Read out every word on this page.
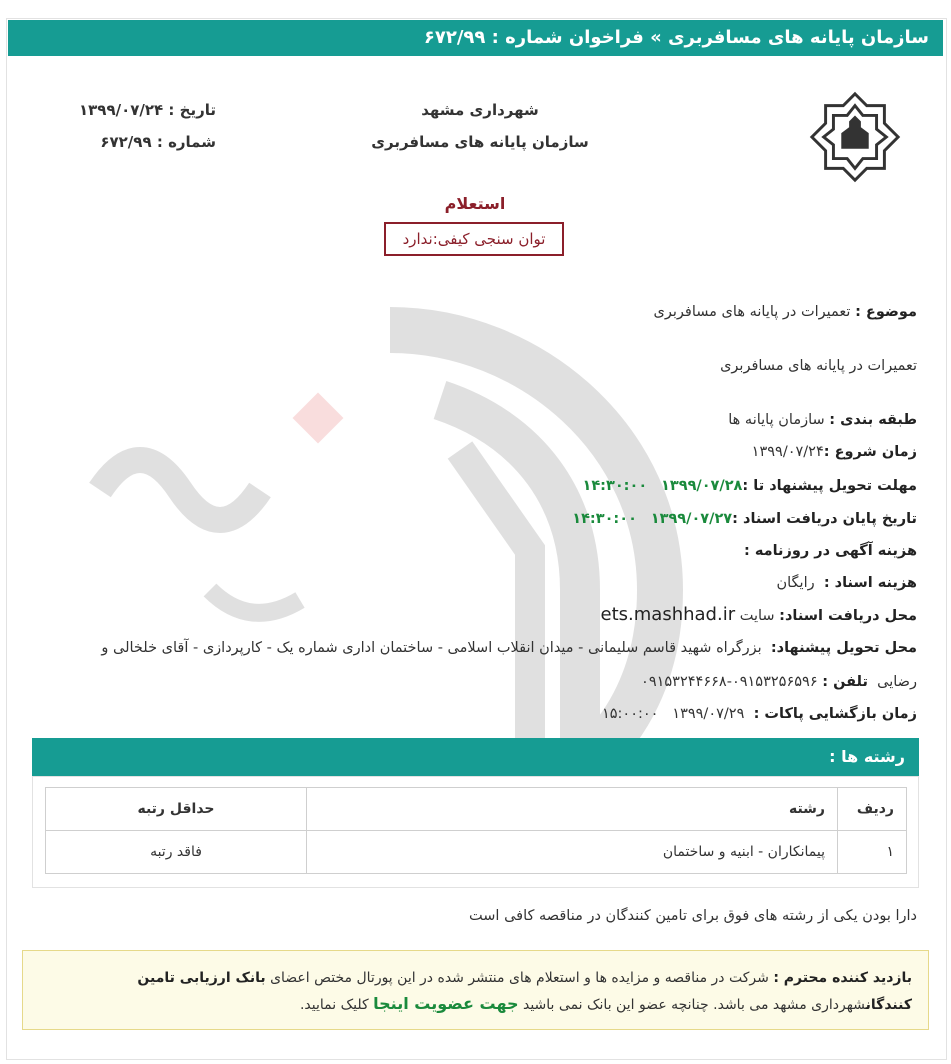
سازمان پایانه های مسافربری » فراخوان شماره : ۶۷۲/۹۹
شهرداری مشهد
سازمان پایانه های مسافربری
تاریخ : ۱۳۹۹/۰۷/۲۴
شماره : ۶۷۲/۹۹
استعلام
توان سنجی کیفی:ندارد
موضوع : تعمیرات در پایانه های مسافربری
تعمیرات در پایانه های مسافربری
طبقه بندی : سازمان پایانه ها
زمان شروع :۱۳۹۹/۰۷/۲۴
مهلت تحویل پیشنهاد تا :۱۳۹۹/۰۷/۲۸   ۱۴:۳۰:۰۰
تاریخ پایان دریافت اسناد :۱۳۹۹/۰۷/۲۷   ۱۴:۳۰:۰۰
هزینه آگهی در روزنامه :
هزینه اسناد :  رایگان
محل دریافت اسناد: سایت ets.mashhad.ir
محل تحویل پیشنهاد:  بزرگراه شهید قاسم سلیمانی - میدان انقلاب اسلامی - ساختمان اداری شماره یک - کارپردازی - آقای خلخالی و
رضایی  تلفن : ۰۹۱۵۳۲۵۶۵۹۶-۰۹۱۵۳۲۴۴۶۶۸
زمان بازگشایی پاکات :  ۱۳۹۹/۰۷/۲۹   ۱۵:۰۰:۰۰
رشته ها :
ردیف	رشته	حداقل رتبه
۱	پیمانکاران - ابنیه و ساختمان	فاقد رتبه
دارا بودن یکی از رشته های فوق برای تامین کنندگان در مناقصه کافی است
بازدید کننده محترم : شرکت در مناقصه و مزایده ها و استعلام های منتشر شده در این پورتال مختص اعضای بانک ارزیابی تامین کنندگانشهرداری مشهد می باشد. چنانچه عضو این بانک نمی باشید جهت عضویت اینجا کلیک نمایید.
